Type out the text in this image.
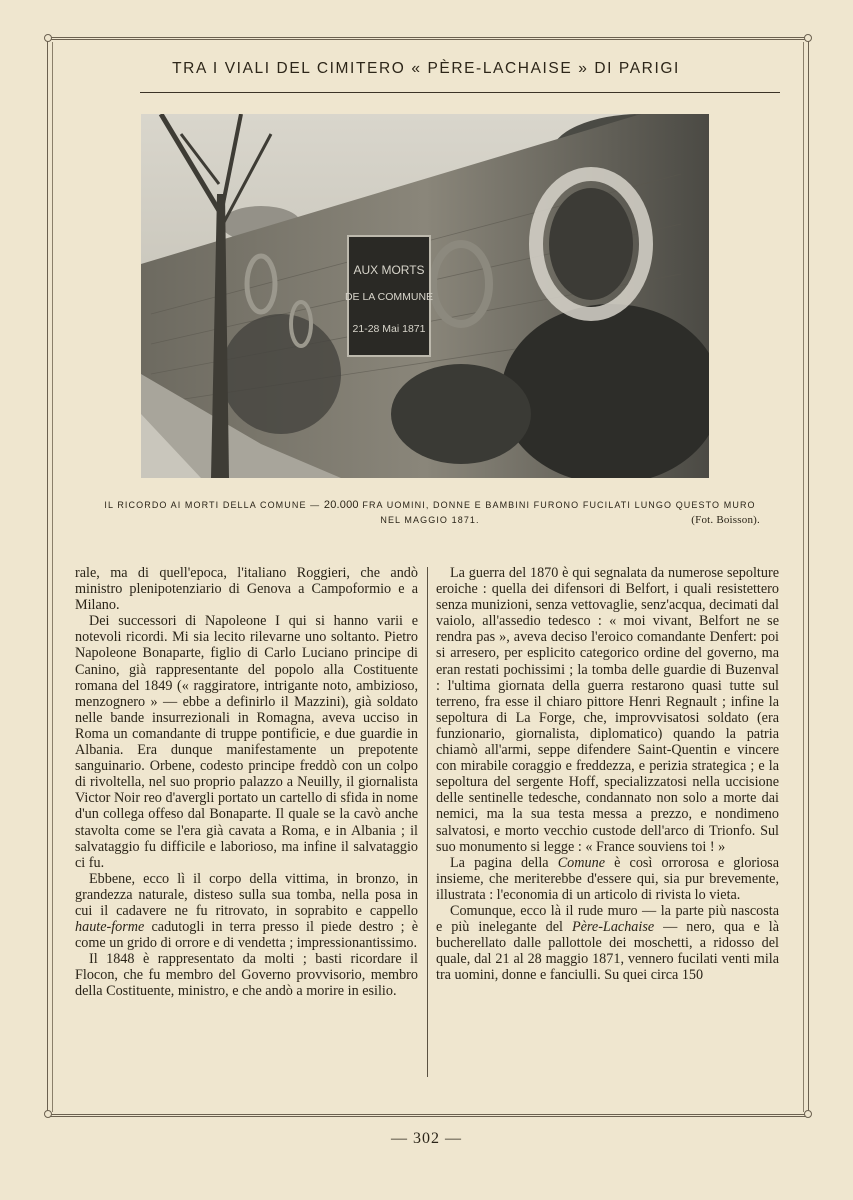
TRA I VIALI DEL CIMITERO « PÈRE-LACHAISE » DI PARIGI
AUX MORTS
DE LA COMMUNE
21-28 Mai 1871
IL RICORDO AI MORTI DELLA COMUNE — 20.000 FRA UOMINI, DONNE E BAMBINI FURONO FUCILATI LUNGO QUESTO MURO
NEL MAGGIO 1871.	(Fot. Boisson).

rale, ma di quell'epoca, l'italiano Roggieri, che andò ministro plenipotenziario di Genova a Campoformio e a Milano.

Dei successori di Napoleone I qui si hanno varii e notevoli ricordi. Mi sia lecito rilevarne uno soltanto. Pietro Napoleone Bonaparte, figlio di Carlo Luciano principe di Canino, già rappresentante del popolo alla Costituente romana del 1849 (« raggiratore, intrigante noto, ambizioso, menzognero » — ebbe a definirlo il Mazzini), già soldato nelle bande insurrezionali in Romagna, aveva ucciso in Roma un comandante di truppe pontificie, e due guardie in Albania. Era dunque manifestamente un prepotente sanguinario. Orbene, codesto principe freddò con un colpo di rivoltella, nel suo proprio palazzo a Neuilly, il giornalista Victor Noir reo d'avergli portato un cartello di sfida in nome d'un collega offeso dal Bonaparte. Il quale se la cavò anche stavolta come se l'era già cavata a Roma, e in Albania ; il salvataggio fu difficile e laborioso, ma infine il salvataggio ci fu.

Ebbene, ecco lì il corpo della vittima, in bronzo, in grandezza naturale, disteso sulla sua tomba, nella posa in cui il cadavere ne fu ritrovato, in soprabito e cappello haute-forme cadutogli in terra presso il piede destro ; è come un grido di orrore e di vendetta ; impressionantissimo.

Il 1848 è rappresentato da molti ; basti ricordare il Flocon, che fu membro del Governo provvisorio, membro della Costituente, ministro, e che andò a morire in esilio.

La guerra del 1870 è qui segnalata da numerose sepolture eroiche : quella dei difensori di Belfort, i quali resistettero senza munizioni, senza vettovaglie, senz'acqua, decimati dal vaiolo, all'assedio tedesco : « moi vivant, Belfort ne se rendra pas », aveva deciso l'eroico comandante Denfert: poi si arresero, per esplicito categorico ordine del governo, ma eran restati pochissimi ; la tomba delle guardie di Buzenval : l'ultima giornata della guerra restarono quasi tutte sul terreno, fra esse il chiaro pittore Henri Regnault ; infine la sepoltura di La Forge, che, improvvisatosi soldato (era funzionario, giornalista, diplomatico) quando la patria chiamò all'armi, seppe difendere Saint-Quentin e vincere con mirabile coraggio e freddezza, e perizia strategica ; e la sepoltura del sergente Hoff, specializzatosi nella uccisione delle sentinelle tedesche, condannato non solo a morte dai nemici, ma la sua testa messa a prezzo, e nondimeno salvatosi, e morto vecchio custode dell'arco di Trionfo. Sul suo monumento si legge : « France souviens toi ! »

La pagina della Comune è così orrorosa e gloriosa insieme, che meriterebbe d'essere qui, sia pur brevemente, illustrata : l'economia di un articolo di rivista lo vieta.

Comunque, ecco là il rude muro — la parte più nascosta e più inelegante del Père-Lachaise — nero, qua e là bucherellato dalle pallottole dei moschetti, a ridosso del quale, dal 21 al 28 maggio 1871, vennero fucilati venti mila tra uomini, donne e fanciulli. Su quei circa 150

— 302 —
